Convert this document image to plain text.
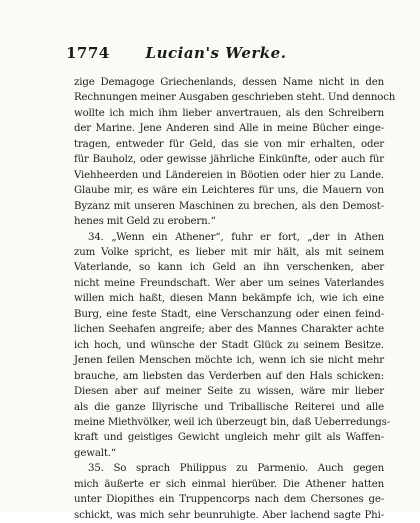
1774	Lucian's Werke.
zige Demagoge Griechenlands, dessen Name nicht in den
Rechnungen meiner Ausgaben geschrieben steht. Und dennoch
wollte ich mich ihm lieber anvertrauen, als den Schreibern
der Marine. Jene Anderen sind Alle in meine Bücher einge-
tragen, entweder für Geld, das sie von mir erhalten, oder
für Bauholz, oder gewisse jährliche Einkünfte, oder auch für
Viehheerden und Ländereien in Böotien oder hier zu Lande.
Glaube mir, es wäre ein Leichteres für uns, die Mauern von
Byzanz mit unseren Maschinen zu brechen, als den Demost-
henes mit Geld zu erobern.“
34. „Wenn ein Athener“, fuhr er fort, „der in Athen
zum Volke spricht, es lieber mit mir hält, als mit seinem
Vaterlande, so kann ich Geld an ihn verschenken, aber
nicht meine Freundschaft. Wer aber um seines Vaterlandes
willen mich haßt, diesen Mann bekämpfe ich, wie ich eine
Burg, eine feste Stadt, eine Verschanzung oder einen feind-
lichen Seehafen angreife; aber des Mannes Charakter achte
ich hoch, und wünsche der Stadt Glück zu seinem Besitze.
Jenen feilen Menschen möchte ich, wenn ich sie nicht mehr
brauche, am liebsten das Verderben auf den Hals schicken:
Diesen aber auf meiner Seite zu wissen, wäre mir lieber
als die ganze Illyrische und Triballische Reiterei und alle
meine Miethvölker, weil ich überzeugt bin, daß Ueberredungs-
kraft und geistiges Gewicht ungleich mehr gilt als Waffen-
gewalt.“
35. So sprach Philippus zu Parmenio. Auch gegen
mich äußerte er sich einmal hierüber. Die Athener hatten
unter Diopithes ein Truppencorps nach dem Chersones ge-
schickt, was mich sehr beunruhigte. Aber lachend sagte Phi-
